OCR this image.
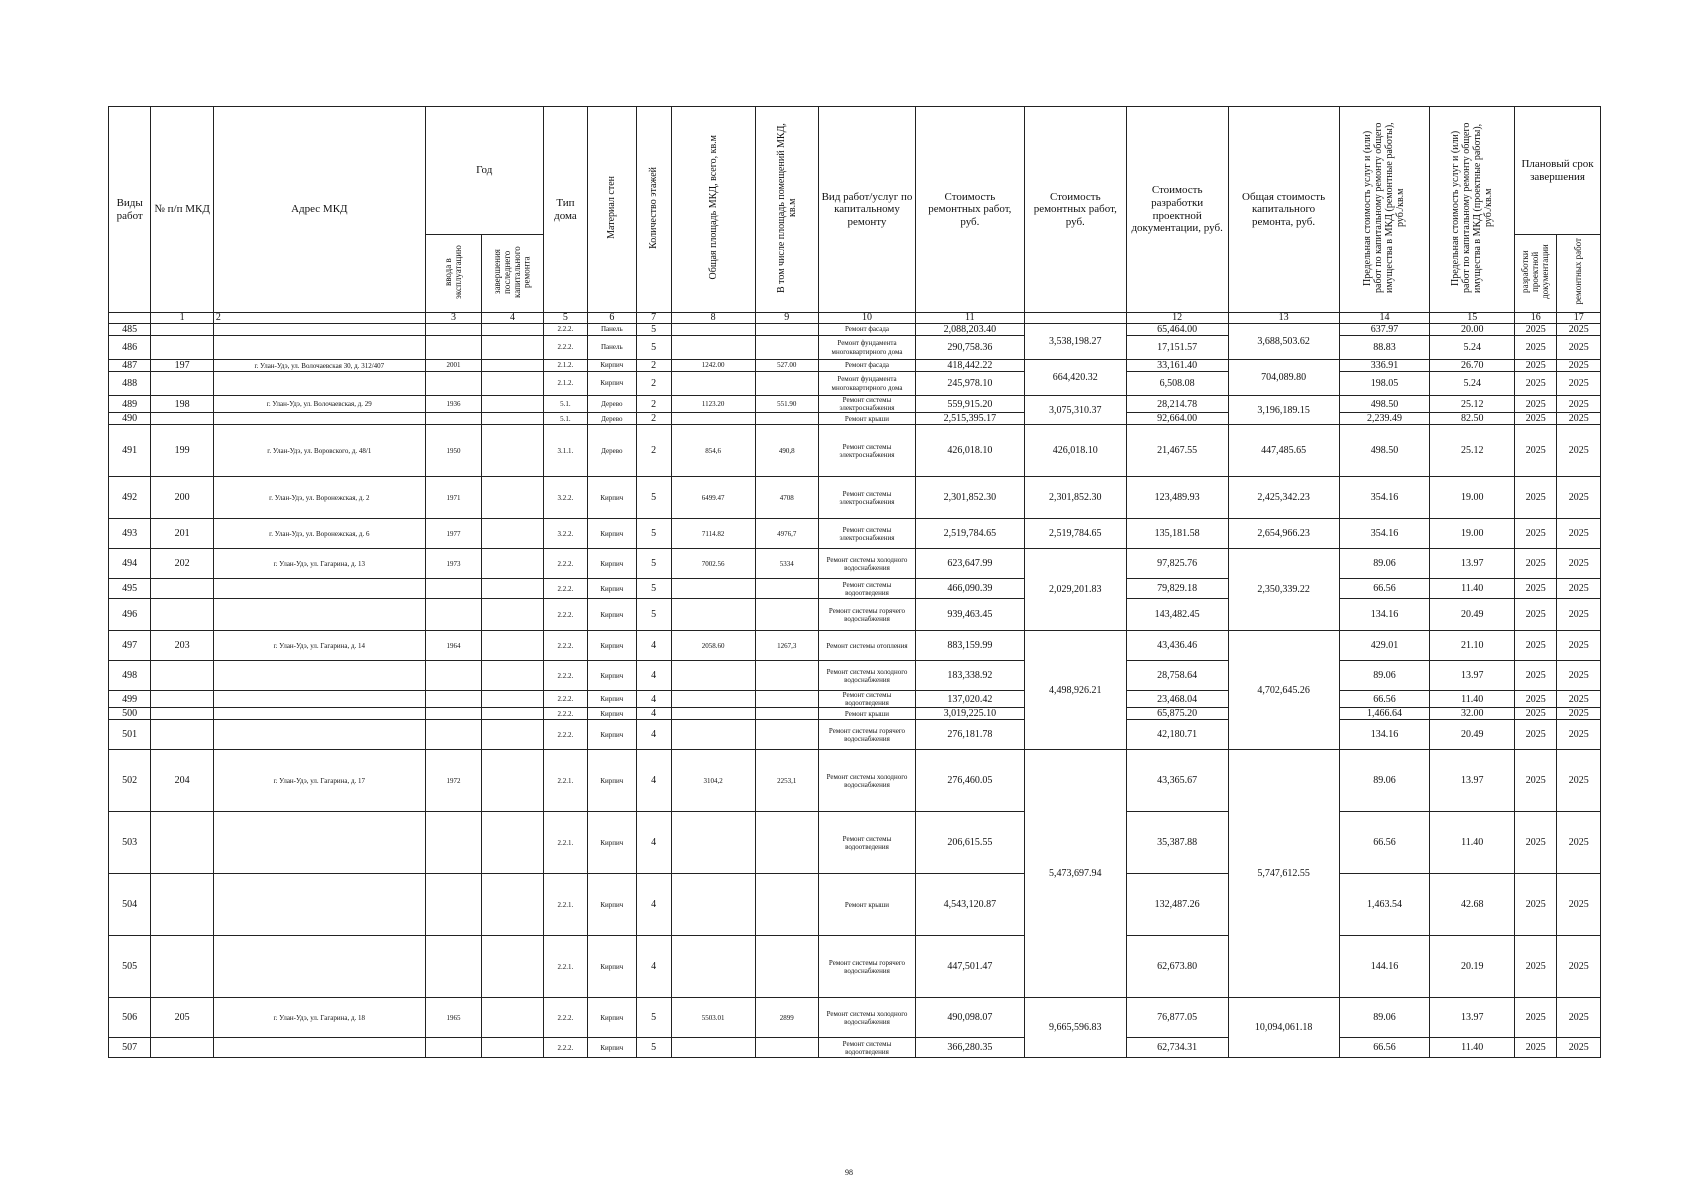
Виды работ	№ п/п МКД	Адрес МКД	Год		Тип дома	Материал стен	Количество этажей	Общая площадь МКД, всего, кв.м	В том числе площадь помещений МКД, кв.м	Вид работ/услуг по капитальному ремонту	Стоимость ремонтных работ, руб.	Стоимость ремонтных работ, руб.	Стоимость разработки проектной документации, руб.	Общая стоимость капитального ремонта, руб.	Предельная стоимость услуг и (или) работ по капитальному ремонту общего имущества в МКД (ремонтные работы), руб./кв.м	Предельная стоимость услуг и (или) работ по капитальному ремонту общего имущества в МКД (проектные работы), руб./кв.м	Плановый срок завершения	
			ввода в эксплуатацию	завершения последнего капитального ремонта													разработки проектной документации	ремонтных работ
	1	2	3	4	5	6	7	8	9	10	11		12	13	14	15	16	17
485					2.2.2.	Панель	5			Ремонт фасада	2,088,203.40	3,538,198.27	65,464.00	3,688,503.62	637.97	20.00	2025	2025
486					2.2.2.	Панель	5			Ремонт фундамента многоквартирного дома	290,758.36		17,151.57		88.83	5.24	2025	2025
487	197	г. Улан-Удэ, ул. Волочаевская 30, д. 312/407	2001		2.1.2.	Кирпич	2	1242.00	527.00	Ремонт фасада	418,442.22	664,420.32	33,161.40	704,089.80	336.91	26.70	2025	2025
488					2.1.2.	Кирпич	2			Ремонт фундамента многоквартирного дома	245,978.10		6,508.08		198.05	5.24	2025	2025
489	198	г. Улан-Удэ, ул. Волочаевская, д. 29	1936		5.1.	Дерево	2	1123.20	551.90	Ремонт системы электроснабжения	559,915.20	3,075,310.37	28,214.78	3,196,189.15	498.50	25.12	2025	2025
490					5.1.	Дерево	2			Ремонт крыши	2,515,395.17		92,664.00		2,239.49	82.50	2025	2025
491	199	г. Улан-Удэ, ул. Воровского, д. 48/1	1950		3.1.1.	Дерево	2	854,6	490,8	Ремонт системы электроснабжения	426,018.10	426,018.10	21,467.55	447,485.65	498.50	25.12	2025	2025
492	200	г. Улан-Удэ, ул. Воронежская, д. 2	1971		3.2.2.	Кирпич	5	6499.47	4708	Ремонт системы электроснабжения	2,301,852.30	2,301,852.30	123,489.93	2,425,342.23	354.16	19.00	2025	2025
493	201	г. Улан-Удэ, ул. Воронежская, д. 6	1977		3.2.2.	Кирпич	5	7114.82	4976,7	Ремонт системы электроснабжения	2,519,784.65	2,519,784.65	135,181.58	2,654,966.23	354.16	19.00	2025	2025
494	202	г. Улан-Удэ, ул. Гагарина, д. 13	1973		2.2.2.	Кирпич	5	7002.56	5334	Ремонт системы холодного водоснабжения	623,647.99	2,029,201.83	97,825.76	2,350,339.22	89.06	13.97	2025	2025
495					2.2.2.	Кирпич	5			Ремонт системы водоотведения	466,090.39		79,829.18		66.56	11.40	2025	2025
496					2.2.2.	Кирпич	5			Ремонт системы горячего водоснабжения	939,463.45		143,482.45		134.16	20.49	2025	2025
497	203	г. Улан-Удэ, ул. Гагарина, д. 14	1964		2.2.2.	Кирпич	4	2058.60	1267,3	Ремонт системы отопления	883,159.99	4,498,926.21	43,436.46	4,702,645.26	429.01	21.10	2025	2025
498					2.2.2.	Кирпич	4			Ремонт системы холодного водоснабжения	183,338.92		28,758.64		89.06	13.97	2025	2025
499					2.2.2.	Кирпич	4			Ремонт системы водоотведения	137,020.42		23,468.04		66.56	11.40	2025	2025
500					2.2.2.	Кирпич	4			Ремонт крыши	3,019,225.10		65,875.20		1,466.64	32.00	2025	2025
501					2.2.2.	Кирпич	4			Ремонт системы горячего водоснабжения	276,181.78		42,180.71		134.16	20.49	2025	2025
502	204	г. Улан-Удэ, ул. Гагарина, д. 17	1972		2.2.1.	Кирпич	4	3104,2	2253,1	Ремонт системы холодного водоснабжения	276,460.05	5,473,697.94	43,365.67	5,747,612.55	89.06	13.97	2025	2025
503					2.2.1.	Кирпич	4			Ремонт системы водоотведения	206,615.55		35,387.88		66.56	11.40	2025	2025
504					2.2.1.	Кирпич	4			Ремонт крыши	4,543,120.87		132,487.26		1,463.54	42.68	2025	2025
505					2.2.1.	Кирпич	4			Ремонт системы горячего водоснабжения	447,501.47		62,673.80		144.16	20.19	2025	2025
506	205	г. Улан-Удэ, ул. Гагарина, д. 18	1965		2.2.2.	Кирпич	5	5503.01	2899	Ремонт системы холодного водоснабжения	490,098.07	9,665,596.83	76,877.05	10,094,061.18	89.06	13.97	2025	2025
507					2.2.2.	Кирпич	5			Ремонт системы водоотведения	366,280.35		62,734.31		66.56	11.40	2025	2025
98
